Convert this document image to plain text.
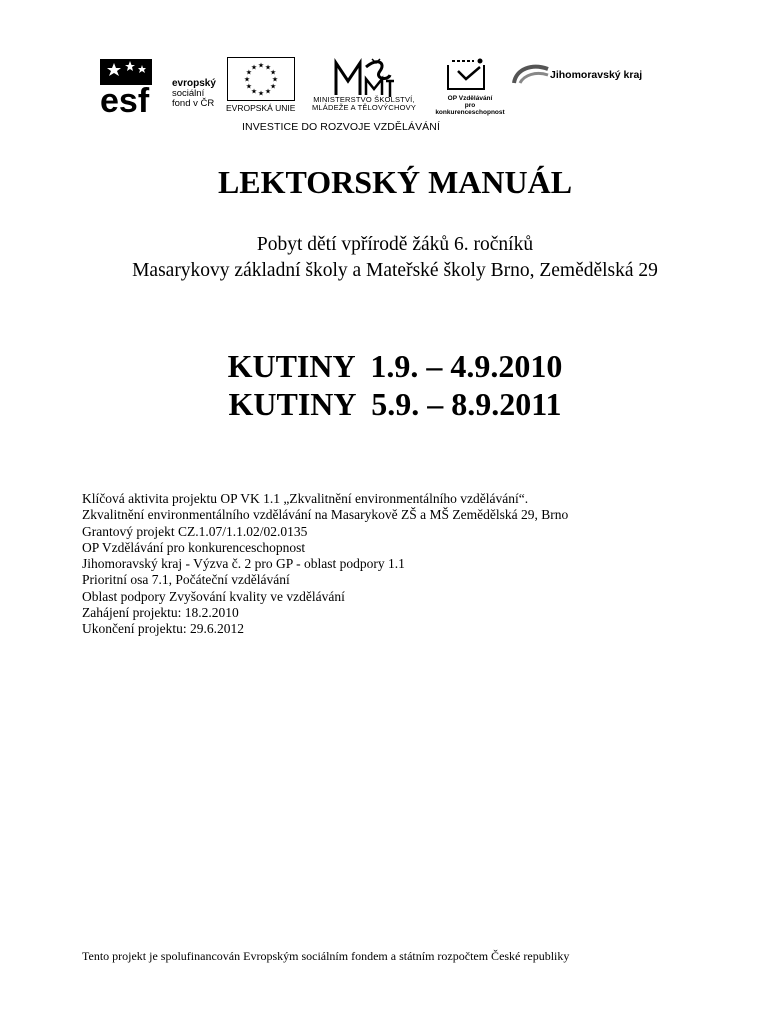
esf evropský
sociální
fond v ČR
★
★
★
★
★
★
★
★
★ ★ ★
★
EVROPSKÁ UNIE
MINISTERSTVO ŠKOLSTVÍ,
MLÁDEŽE A TĚLOVÝCHOVY
OP Vzdělávání
pro konkurenceschopnost
Jihomoravský kraj
INVESTICE DO ROZVOJE VZDĚLÁVÁNÍ
LEKTORSKÝ MANUÁL
Pobyt dětí vpřírodě žáků 6. ročníků
Masarykovy základní školy a Mateřské školy Brno, Zemědělská 29
KUTINY  1.9. – 4.9.2010
KUTINY  5.9. – 8.9.2011
Klíčová aktivita projektu OP VK 1.1 „Zkvalitnění environmentálního vzdělávání“.
Zkvalitnění environmentálního vzdělávání na Masarykově ZŠ a MŠ Zemědělská 29, Brno
Grantový projekt CZ.1.07/1.1.02/02.0135
OP Vzdělávání pro konkurenceschopnost
Jihomoravský kraj - Výzva č. 2 pro GP - oblast podpory 1.1
Prioritní osa 7.1, Počáteční vzdělávání
Oblast podpory Zvyšování kvality ve vzdělávání
Zahájení projektu: 18.2.2010
Ukončení projektu: 29.6.2012
Tento projekt je spolufinancován Evropským sociálním fondem a státním rozpočtem České republiky
